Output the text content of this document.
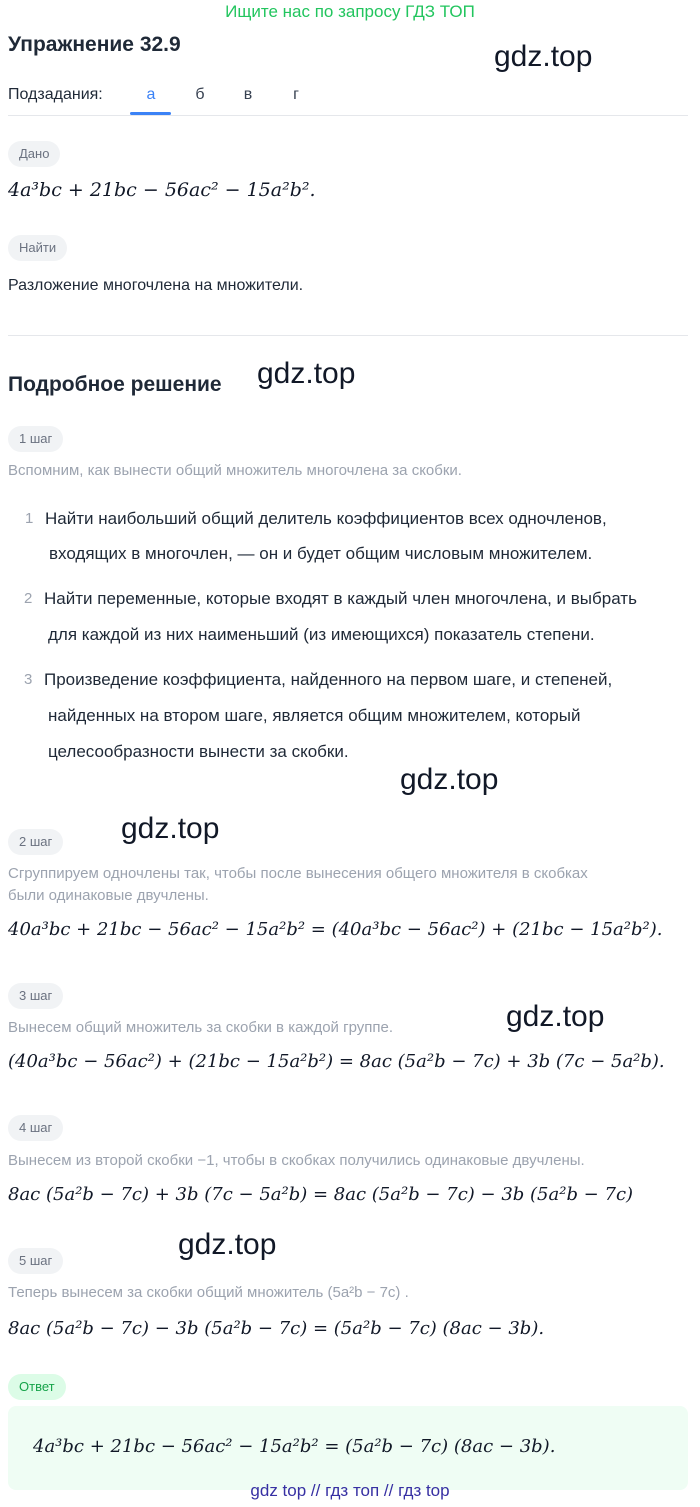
Ищите нас по запросу ГДЗ ТОП
Упражнение 32.9	gdz.top
Подзадания:	а	б	в	г
Дано
4a³bc + 21bc − 56ac² − 15a²b².
Найти
Разложение многочлена на множители.
Подробное решение gdz.top
1 шаг
Вспомним, как вынести общий множитель многочлена за скобки.
1 Найти наибольший общий делитель коэффициентов всех одночленов,
входящих в многочлен, — он и будет общим числовым множителем.
2 Найти переменные, которые входят в каждый член многочлена, и выбрать
для каждой из них наименьший (из имеющихся) показатель степени.
3 Произведение коэффициента, найденного на первом шаге, и степеней,
найденных на втором шаге, является общим множителем, который
целесообразности вынести за скобки.
gdz.top
2 шаг	gdz.top
Сгруппируем одночлены так, чтобы после вынесения общего множителя в скобках
были одинаковые двучлены.
40a³bc + 21bc − 56ac² − 15a²b² = (40a³bc − 56ac²) + (21bc − 15a²b²).
3 шаг
gdz.top
Вынесем общий множитель за скобки в каждой группе.
(40a³bc − 56ac²) + (21bc − 15a²b²) = 8ac (5a²b − 7c) + 3b (7c − 5a²b).
4 шаг
Вынесем из второй скобки −1, чтобы в скобках получились одинаковые двучлены.
8ac (5a²b − 7c) + 3b (7c − 5a²b) = 8ac (5a²b − 7c) − 3b (5a²b − 7c)
5 шаг	gdz.top
Теперь вынесем за скобки общий множитель (5a²b − 7c) .
8ac (5a²b − 7c) − 3b (5a²b − 7c) = (5a²b − 7c) (8ac − 3b).
Ответ
4a³bc + 21bc − 56ac² − 15a²b² = (5a²b − 7c) (8ac − 3b).
gdz top // гдз топ // гдз top
